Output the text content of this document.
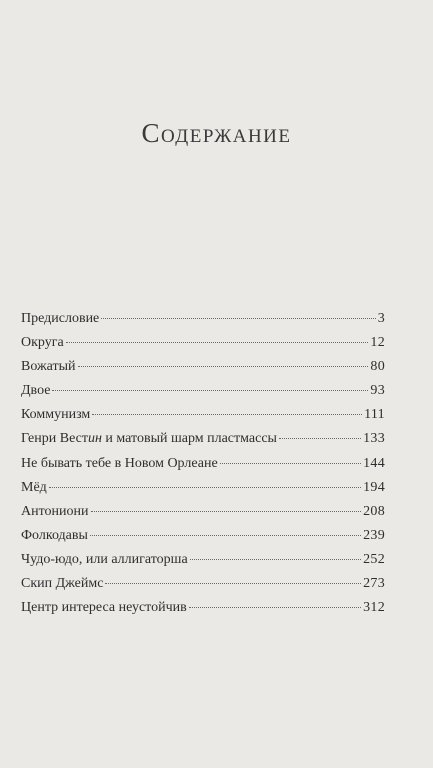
Содержание
Предисловие	3
Округа	12
Вожатый	80
Двое	93
Коммунизм	111
Генри Вестин и матовый шарм пластмассы	133
Не бывать тебе в Новом Орлеане	144
Мёд	194
Антониони	208
Фолкодавы	239
Чудо-юдо, или аллигаторша	252
Скип Джеймс	273
Центр интереса неустойчив	312
